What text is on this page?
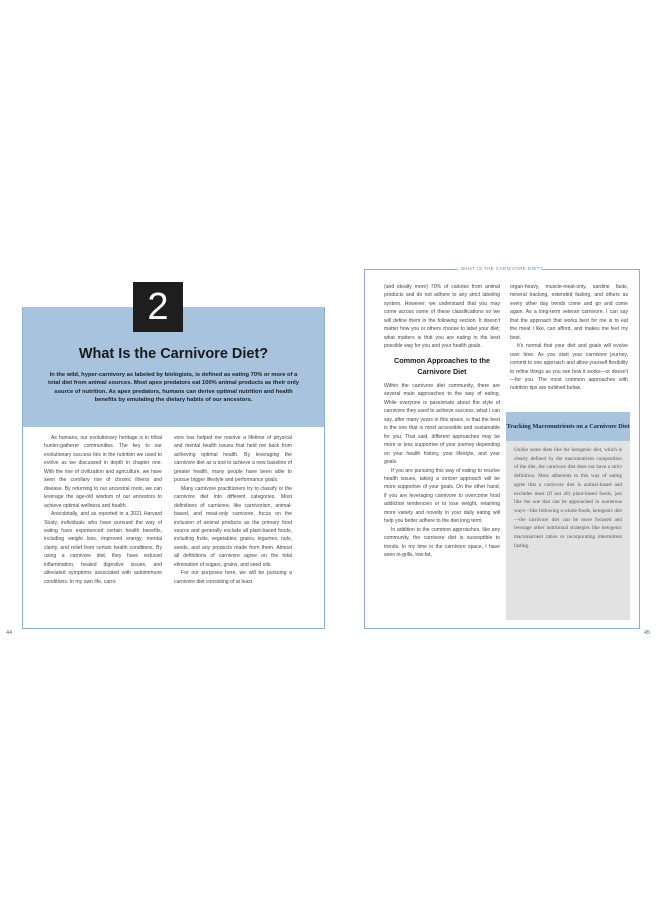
2
What Is the Carnivore Diet?
In the wild, hyper-carnivory as labeled by biologists, is defined as eating 70% or more of a total diet from animal sources. Most apex predators eat 100% animal products as their only source of nutrition. As apex predators, humans can derive optimal nutrition and health benefits by emulating the dietary habits of our ancestors.

As humans, our evolutionary heritage is in tribal hunter-gatherer communities. The key to our evolutionary success lies in the nutrition we used to evolve as we discussed in depth in chapter one. With the rise of civilization and agriculture, we have seen the corollary rise of chronic illness and disease. By returning to our ancestral roots, we can leverage the age-old wisdom of our ancestors to achieve optimal wellness and health.

Anecdotally, and as reported in a 2021 Harvard Study, individuals who have pursued the way of eating have experienced certain health benefits, including weight loss, improved energy, mental clarity, and relief from certain health conditions. By using a carnivore diet, they have reduced inflammation, healed digestive issues, and alleviated symptoms associated with autoimmune conditions. In my own life, carni-

vore has helped me resolve a lifetime of physical and mental health issues that held me back from achieving optimal health. By leveraging the carnivore diet as a tool to achieve a new baseline of greater health, many people have been able to pursue bigger lifestyle and performance goals.

Many carnivore practitioners try to classify or the carnivore diet into different categories. Most definitions of carnivore, like carnivorism, animal-based, and meat-only carnivore, focus on the inclusion of animal products as the primary food source and generally exclude all plant-based foods, including fruits, vegetables, grains, legumes, nuts, seeds, and any products made from them. Almost all definitions of carnivore agree on the total elimination of sugars, grains, and seed oils.

For our purposes here, we will be pursuing a carnivore diet consisting of at least

44
WHAT IS THE CARNIVORE DIET?

(and ideally more) 70% of calories from animal products and do not adhere to any strict labeling system. However, we understand that you may come across some of these classifications so we will define them in the following section. It doesn't matter how you or others choose to label your diet; what matters is that you are eating in the best possible way for you and your health goals.

Common Approaches to the Carnivore Diet

Within the carnivore diet community, there are several main approaches to the way of eating. While everyone is passionate about the style of carnivore they used to achieve success, what I can say, after many years in this space, is that the best is the one that is most accessible and sustainable for you. That said, different approaches may be more or less supportive of your journey depending on your health history, your lifestyle, and your goals.

If you are pursuing this way of eating to resolve health issues, taking a stricter approach will be more supportive of your goals. On the other hand, if you are leveraging carnivore to overcome food addiction tendencies or to lose weight, retaining more variety and novelty in your daily eating will help you better adhere to the diet long term.

In addition to the common approaches, like any community, the carnivore diet is susceptible to trends. In my time in the carnivore space, I have seen in-grills, low-fat,

organ-heavy, muscle-meat-only, sardine fasts, mineral tracking, extended fasting, and others as every other day trends come and go and come again. As a long-term veteran carnivore, I can say that the approach that works best for me is to eat the meat I like, can afford, and makes me feel my best.

It's normal that your diet and goals will evolve over time. As you start your carnivore journey, commit to one approach and allow yourself flexibility to refine things as you see how it works—or doesn't—for you. The most common approaches with nutrition tips are outlined below.

Tracking Macronutrients on a Carnivore Diet
Unlike some diets like the ketogenic diet, which is clearly defined by the macronutrient composition of the diet, the carnivore diet does not have a strict definition. Most adherents to this way of eating agree that a carnivore diet is animal-based and excludes most (if not all) plant-based foods, just like the one that can be approached in numerous ways—like following a whole-foods, ketogenic diet—the carnivore diet can be more focused and leverage other nutritional strategies like ketogenic macronutrient ratios or incorporating intermittent fasting.
45
